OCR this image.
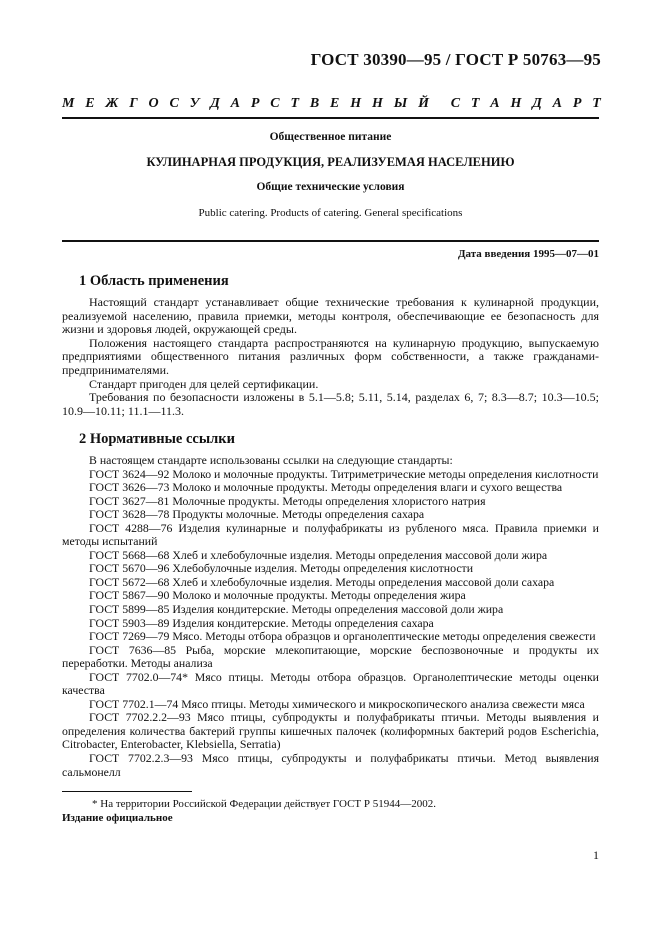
ГОСТ 30390—95 / ГОСТ Р 50763—95
М Е Ж Г О С У Д А Р С Т В Е Н Н Ы Й С Т А Н Д А Р Т
Общественное питание
КУЛИНАРНАЯ ПРОДУКЦИЯ, РЕАЛИЗУЕМАЯ НАСЕЛЕНИЮ
Общие технические условия
Public catering. Products of catering. General specifications
Дата введения 1995—07—01
1 Область применения

Настоящий стандарт устанавливает общие технические требования к кулинарной продукции, реализуемой населению, правила приемки, методы контроля, обеспечивающие ее безопасность для жизни и здоровья людей, окружающей среды.

Положения настоящего стандарта распространяются на кулинарную продукцию, выпускаемую предприятиями общественного питания различных форм собственности, а также гражданами-предпринимателями.

Стандарт пригоден для целей сертификации.

Требования по безопасности изложены в 5.1—5.8; 5.11, 5.14, разделах 6, 7; 8.3—8.7; 10.3—10.5; 10.9—10.11; 11.1—11.3.

2 Нормативные ссылки

В настоящем стандарте использованы ссылки на следующие стандарты:

ГОСТ 3624—92 Молоко и молочные продукты. Титриметрические методы определения кислотности

ГОСТ 3626—73 Молоко и молочные продукты. Методы определения влаги и сухого вещества

ГОСТ 3627—81 Молочные продукты. Методы определения хлористого натрия

ГОСТ 3628—78 Продукты молочные. Методы определения сахара

ГОСТ 4288—76 Изделия кулинарные и полуфабрикаты из рубленого мяса. Правила приемки и методы испытаний

ГОСТ 5668—68 Хлеб и хлебобулочные изделия. Методы определения массовой доли жира

ГОСТ 5670—96 Хлебобулочные изделия. Методы определения кислотности

ГОСТ 5672—68 Хлеб и хлебобулочные изделия. Методы определения массовой доли сахара

ГОСТ 5867—90 Молоко и молочные продукты. Методы определения жира

ГОСТ 5899—85 Изделия кондитерские. Методы определения массовой доли жира

ГОСТ 5903—89 Изделия кондитерские. Методы определения сахара

ГОСТ 7269—79 Мясо. Методы отбора образцов и органолептические методы определения свежести

ГОСТ 7636—85 Рыба, морские млекопитающие, морские беспозвоночные и продукты их переработки. Методы анализа

ГОСТ 7702.0—74* Мясо птицы. Методы отбора образцов. Органолептические методы оценки качества

ГОСТ 7702.1—74 Мясо птицы. Методы химического и микроскопического анализа свежести мяса

ГОСТ 7702.2.2—93 Мясо птицы, субпродукты и полуфабрикаты птичьи. Методы выявления и определения количества бактерий группы кишечных палочек (колиформных бактерий родов Escherichia, Citrobacter, Enterobacter, Klebsiella, Serratia)

ГОСТ 7702.2.3—93 Мясо птицы, субпродукты и полуфабрикаты птичьи. Метод выявления сальмонелл

* На территории Российской Федерации действует ГОСТ Р 51944—2002.
Издание официальное
1
